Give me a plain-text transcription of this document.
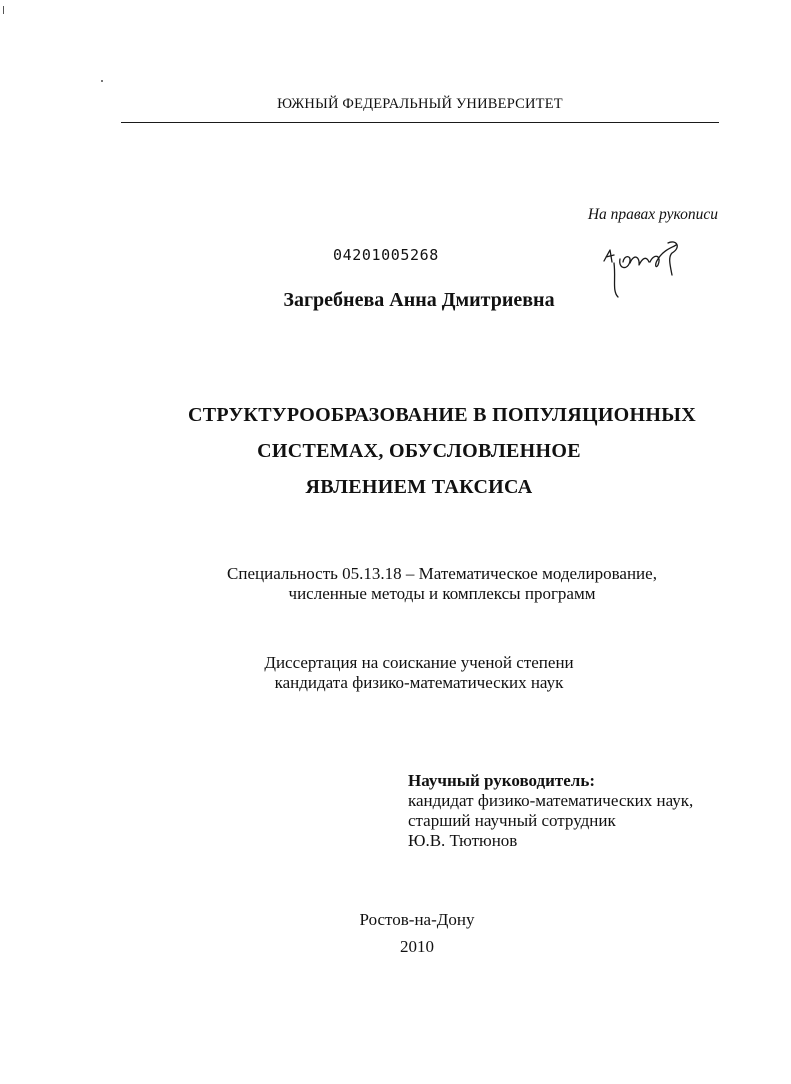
ЮЖНЫЙ ФЕДЕРАЛЬНЫЙ УНИВЕРСИТЕТ
На правах рукописи
04201005268
Загребнева Анна Дмитриевна
СТРУКТУРООБРАЗОВАНИЕ В ПОПУЛЯЦИОННЫХ
СИСТЕМАХ, ОБУСЛОВЛЕННОЕ
ЯВЛЕНИЕМ ТАКСИСА
Специальность 05.13.18 – Математическое моделирование,
численные методы и комплексы программ
Диссертация на соискание ученой степени
кандидата физико-математических наук
Научный руководитель:
кандидат физико-математических наук,
старший научный сотрудник
Ю.В. Тютюнов
Ростов-на-Дону
2010
